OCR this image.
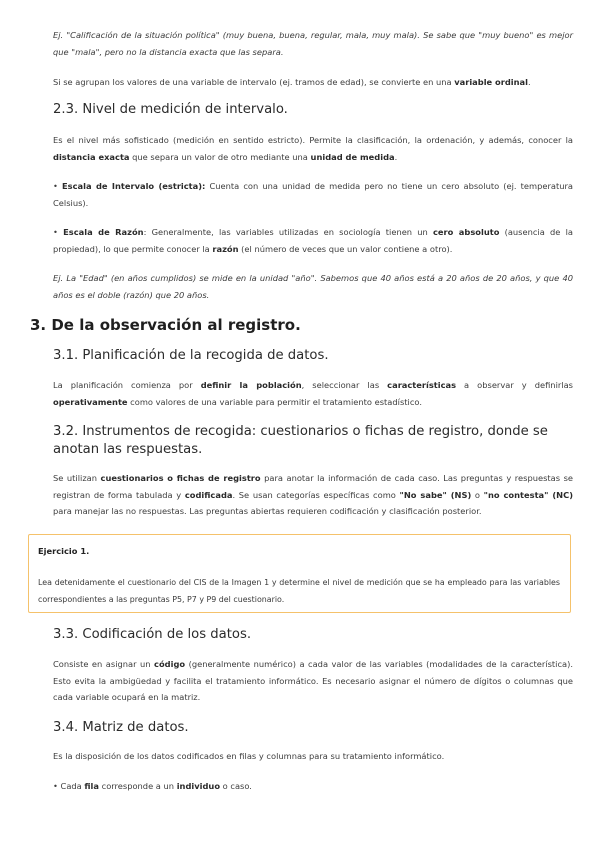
Ej. "Calificación de la situación política" (muy buena, buena, regular, mala, muy mala). Se sabe que "muy bueno" es mejor que "mala", pero no la distancia exacta que las separa.

Si se agrupan los valores de una variable de intervalo (ej. tramos de edad), se convierte en una variable ordinal.

2.3. Nivel de medición de intervalo.

Es el nivel más sofisticado (medición en sentido estricto). Permite la clasificación, la ordenación, y además, conocer la distancia exacta que separa un valor de otro mediante una unidad de medida.

• Escala de Intervalo (estricta): Cuenta con una unidad de medida pero no tiene un cero absoluto (ej. temperatura Celsius).

• Escala de Razón: Generalmente, las variables utilizadas en sociología tienen un cero absoluto (ausencia de la propiedad), lo que permite conocer la razón (el número de veces que un valor contiene a otro).

Ej. La "Edad" (en años cumplidos) se mide en la unidad "año". Sabemos que 40 años está a 20 años de 20 años, y que 40 años es el doble (razón) que 20 años.

3. De la observación al registro.
3.1. Planificación de la recogida de datos.

La planificación comienza por definir la población, seleccionar las características a observar y definirlas operativamente como valores de una variable para permitir el tratamiento estadístico.

3.2. Instrumentos de recogida: cuestionarios o fichas de registro, donde se anotan las respuestas.

Se utilizan cuestionarios o fichas de registro para anotar la información de cada caso. Las preguntas y respuestas se registran de forma tabulada y codificada. Se usan categorías específicas como "No sabe" (NS) o "no contesta" (NC) para manejar las no respuestas. Las preguntas abiertas requieren codificación y clasificación posterior.

Ejercicio 1.
Lea detenidamente el cuestionario del CIS de la Imagen 1 y determine el nivel de medición que se ha empleado para las variables correspondientes a las preguntas P5, P7 y P9 del cuestionario.
3.3. Codificación de los datos.

Consiste en asignar un código (generalmente numérico) a cada valor de las variables (modalidades de la característica). Esto evita la ambigüedad y facilita el tratamiento informático. Es necesario asignar el número de dígitos o columnas que cada variable ocupará en la matriz.

3.4. Matriz de datos.

Es la disposición de los datos codificados en filas y columnas para su tratamiento informático.

• Cada fila corresponde a un individuo o caso.
